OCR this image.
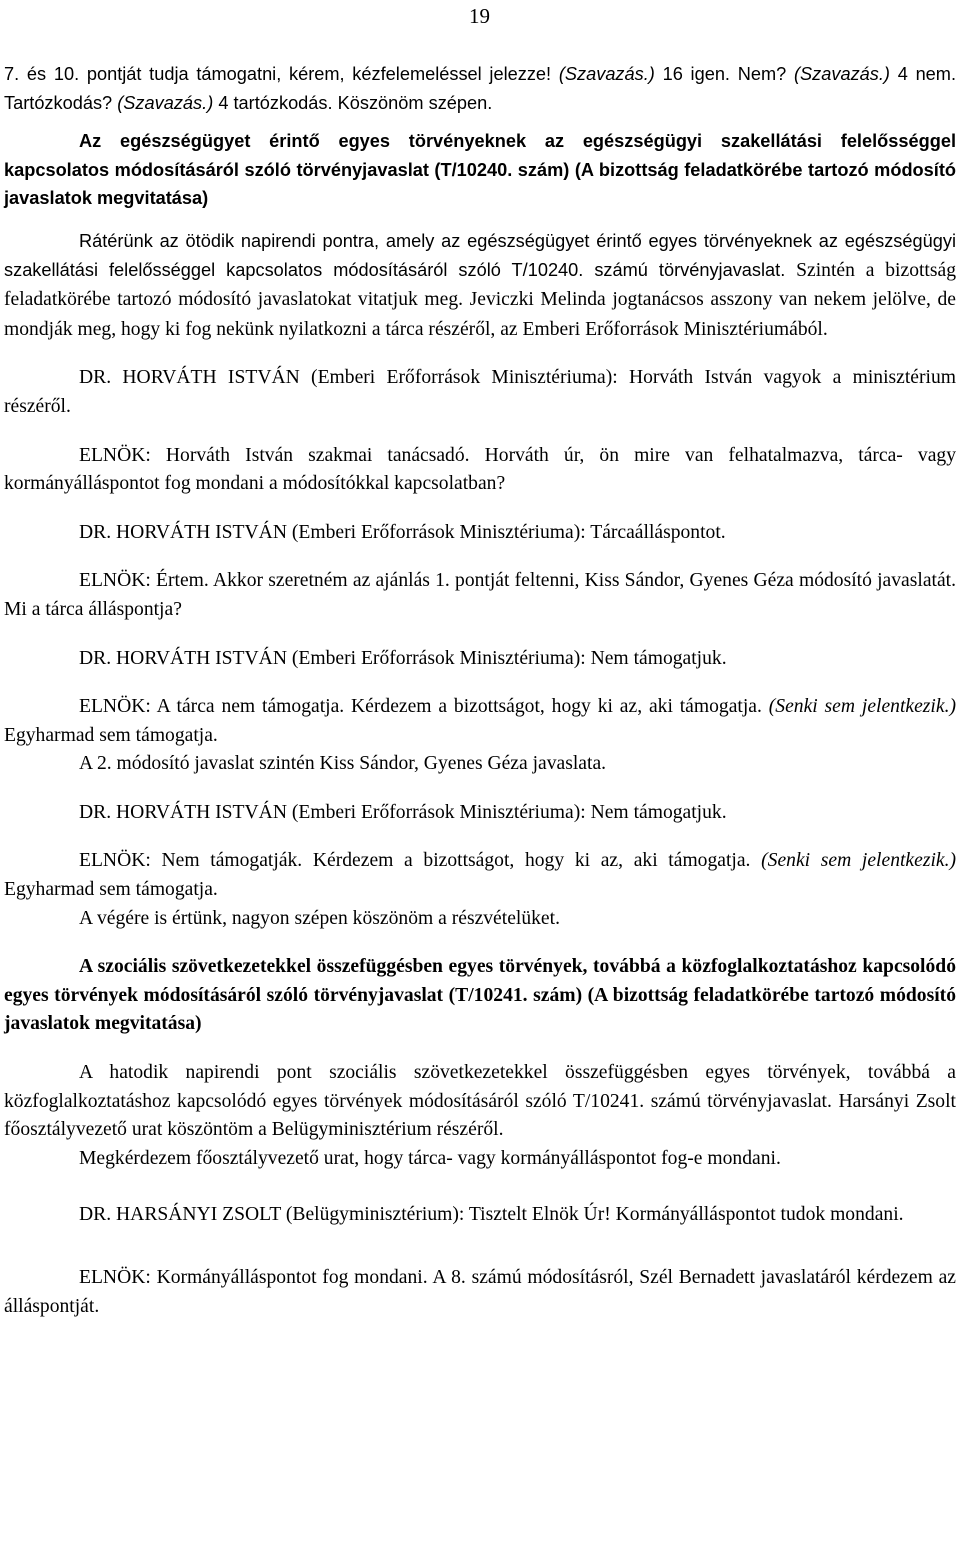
19

7. és 10. pontját tudja támogatni, kérem, kézfelemeléssel jelezze! (Szavazás.) 16 igen. Nem? (Szavazás.) 4 nem. Tartózkodás? (Szavazás.) 4 tartózkodás. Köszönöm szépen.

Az egészségügyet érintő egyes törvényeknek az egészségügyi szakellátási felelősséggel kapcsolatos módosításáról szóló törvényjavaslat (T/10240. szám) (A bizottság feladatkörébe tartozó módosító javaslatok megvitatása)

Rátérünk az ötödik napirendi pontra, amely az egészségügyet érintő egyes törvényeknek az egészségügyi szakellátási felelősséggel kapcsolatos módosításáról szóló T/10240. számú törvényjavaslat. Szintén a bizottság feladatkörébe tartozó módosító javaslatokat vitatjuk meg. Jeviczki Melinda jogtanácsos asszony van nekem jelölve, de mondják meg, hogy ki fog nekünk nyilatkozni a tárca részéről, az Emberi Erőforrások Minisztériumából.

DR. HORVÁTH ISTVÁN (Emberi Erőforrások Minisztériuma): Horváth István vagyok a minisztérium részéről.

ELNÖK: Horváth István szakmai tanácsadó. Horváth úr, ön mire van felhatalmazva, tárca- vagy kormányálláspontot fog mondani a módosítókkal kapcsolatban?

DR. HORVÁTH ISTVÁN (Emberi Erőforrások Minisztériuma): Tárcaálláspontot.

ELNÖK: Értem. Akkor szeretném az ajánlás 1. pontját feltenni, Kiss Sándor, Gyenes Géza módosító javaslatát. Mi a tárca álláspontja?

DR. HORVÁTH ISTVÁN (Emberi Erőforrások Minisztériuma): Nem támogatjuk.

ELNÖK: A tárca nem támogatja. Kérdezem a bizottságot, hogy ki az, aki támogatja. (Senki sem jelentkezik.) Egyharmad sem támogatja.

A 2. módosító javaslat szintén Kiss Sándor, Gyenes Géza javaslata.

DR. HORVÁTH ISTVÁN (Emberi Erőforrások Minisztériuma): Nem támogatjuk.

ELNÖK: Nem támogatják. Kérdezem a bizottságot, hogy ki az, aki támogatja. (Senki sem jelentkezik.) Egyharmad sem támogatja.

A végére is értünk, nagyon szépen köszönöm a részvételüket.

A szociális szövetkezetekkel összefüggésben egyes törvények, továbbá a közfoglalkoztatáshoz kapcsolódó egyes törvények módosításáról szóló törvényjavaslat (T/10241. szám) (A bizottság feladatkörébe tartozó módosító javaslatok megvitatása)

A hatodik napirendi pont szociális szövetkezetekkel összefüggésben egyes törvények, továbbá a közfoglalkoztatáshoz kapcsolódó egyes törvények módosításáról szóló T/10241. számú törvényjavaslat. Harsányi Zsolt főosztályvezető urat köszöntöm a Belügyminisztérium részéről.

Megkérdezem főosztályvezető urat, hogy tárca- vagy kormányálláspontot fog-e mondani.

DR. HARSÁNYI ZSOLT (Belügyminisztérium): Tisztelt Elnök Úr! Kormányálláspontot tudok mondani.

ELNÖK: Kormányálláspontot fog mondani. A 8. számú módosításról, Szél Bernadett javaslatáról kérdezem az álláspontját.
